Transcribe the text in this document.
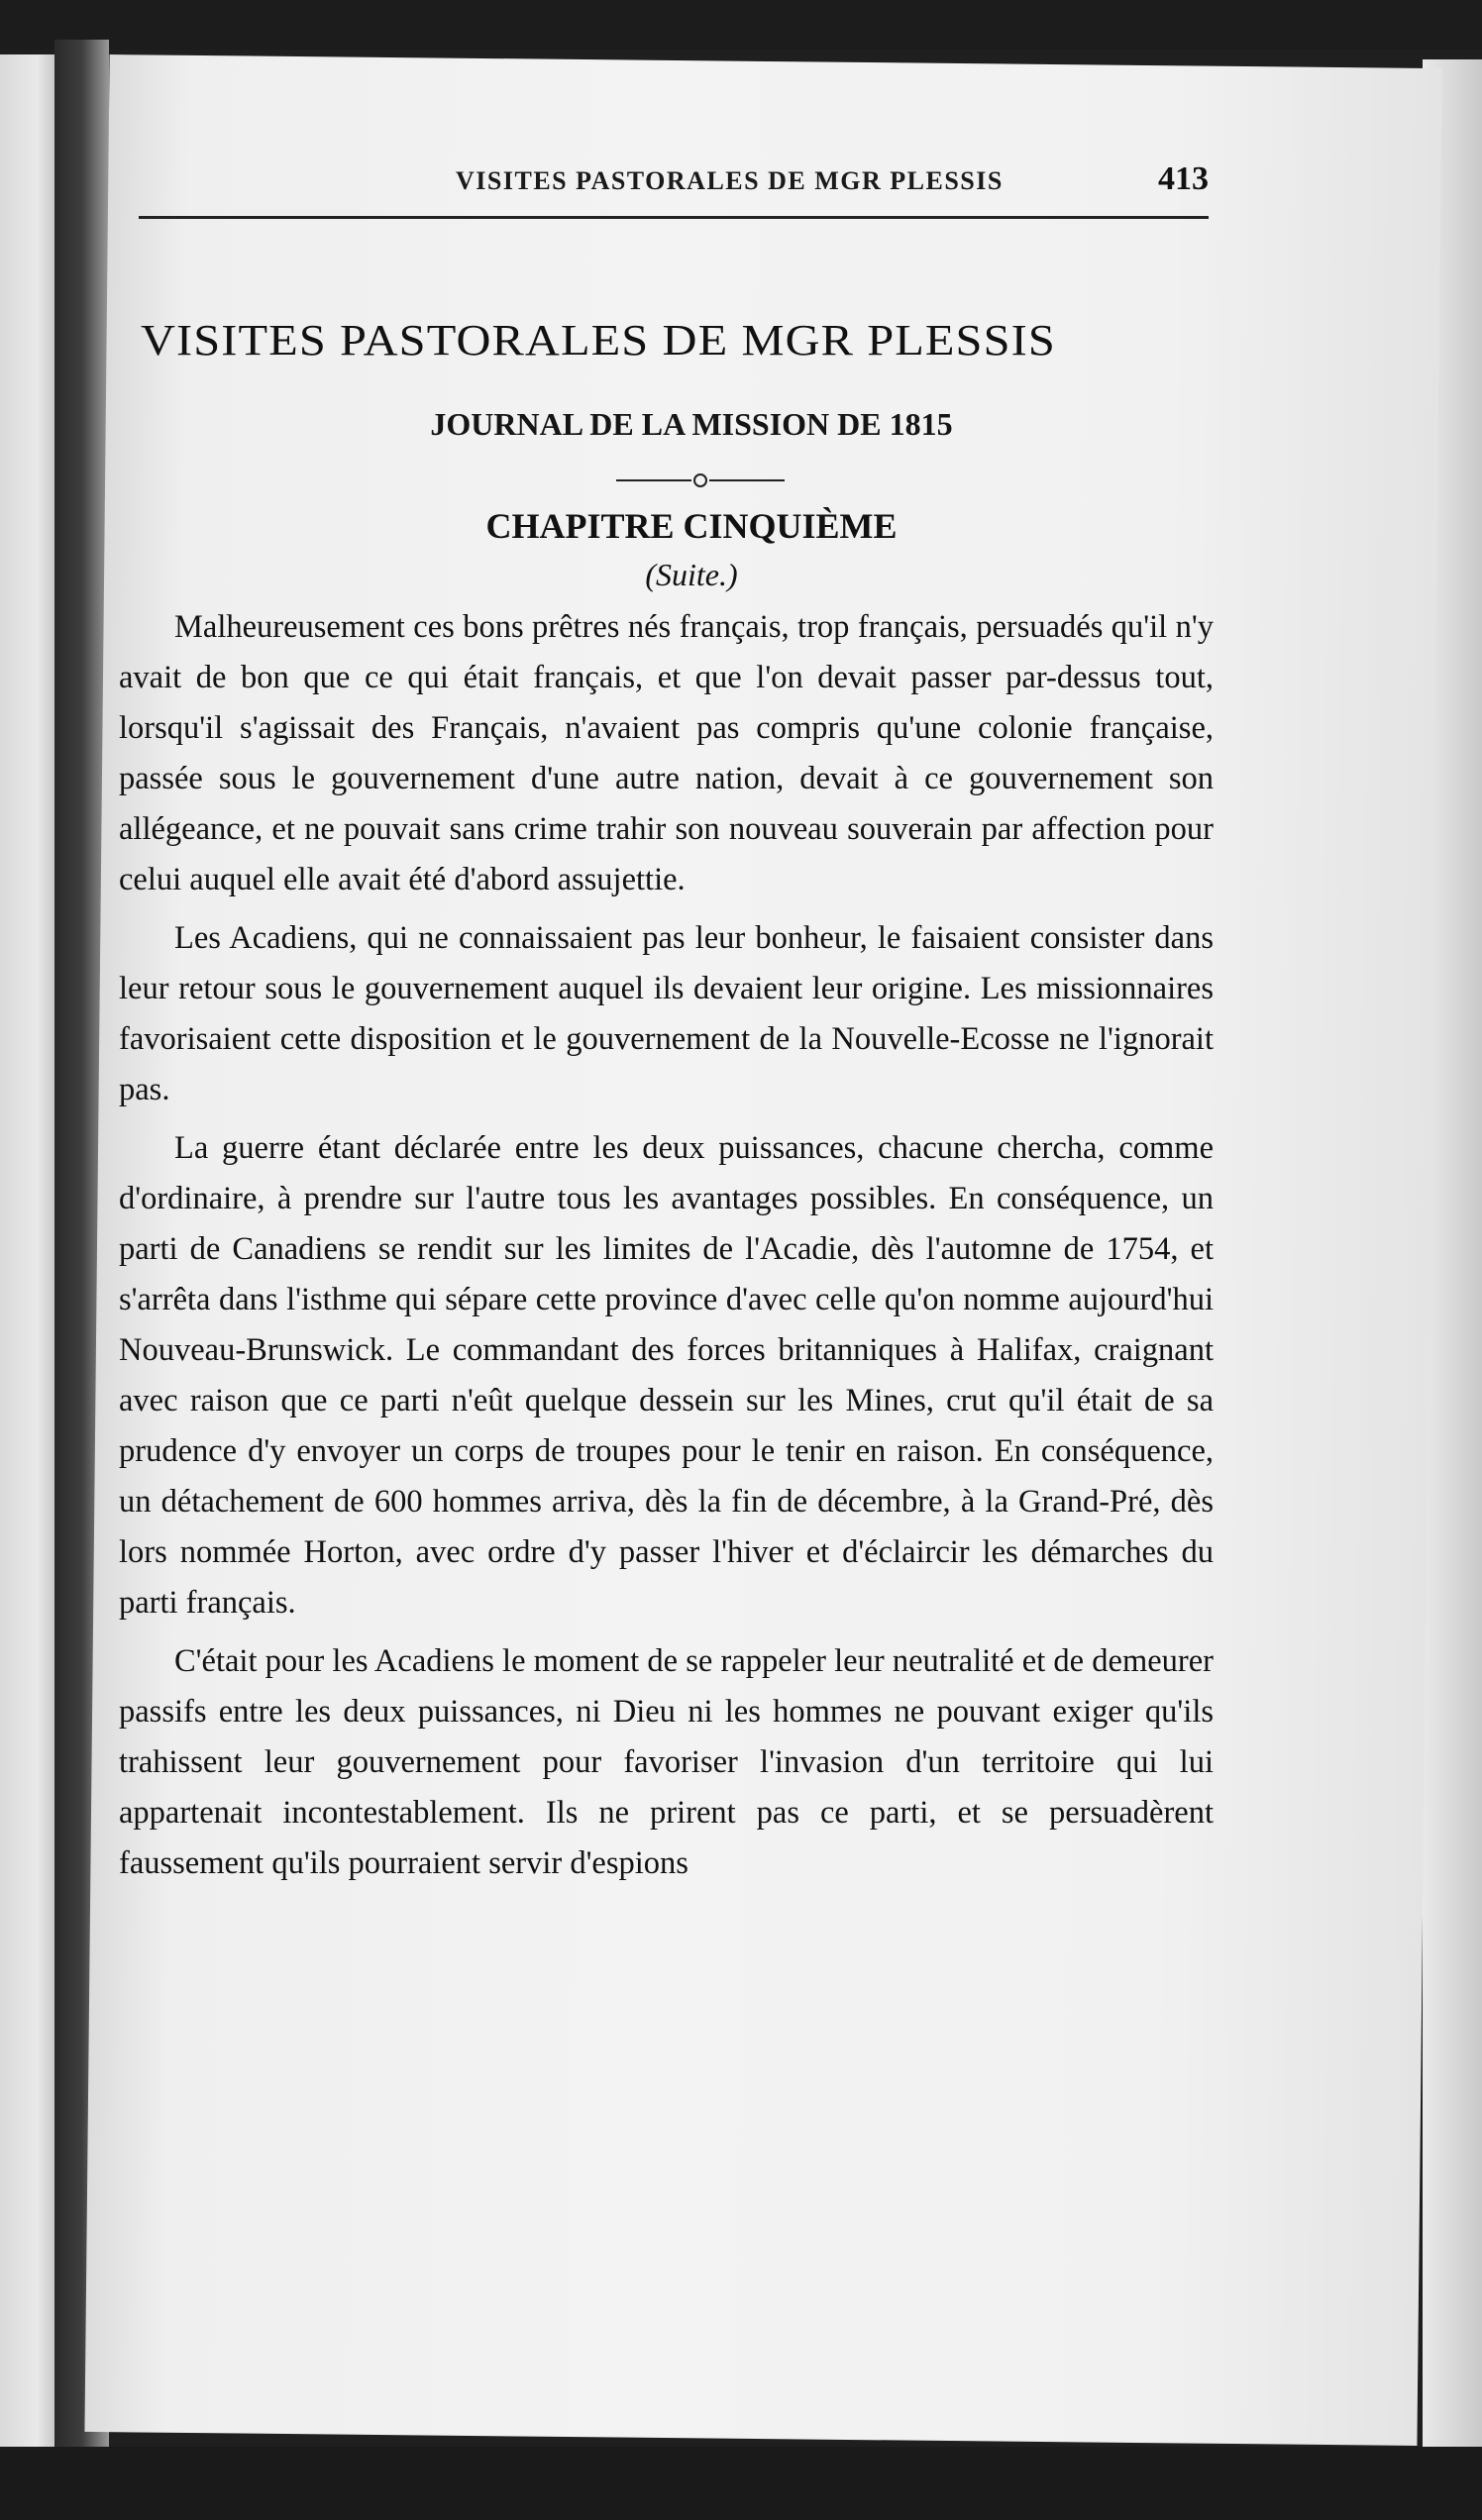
VISITES PASTORALES DE MGR PLESSIS	413
VISITES PASTORALES DE MGR PLESSIS
JOURNAL DE LA MISSION DE 1815
CHAPITRE CINQUIÈME
(Suite.)

Malheureusement ces bons prêtres nés français, trop français, persuadés qu'il n'y avait de bon que ce qui était français, et que l'on devait passer par-dessus tout, lorsqu'il s'agissait des Français, n'avaient pas compris qu'une colonie française, passée sous le gouvernement d'une autre nation, devait à ce gouvernement son allégeance, et ne pouvait sans crime trahir son nouveau souverain par affection pour celui auquel elle avait été d'abord assujettie.

Les Acadiens, qui ne connaissaient pas leur bonheur, le faisaient consister dans leur retour sous le gouvernement auquel ils devaient leur origine. Les missionnaires favorisaient cette disposition et le gouvernement de la Nouvelle-Ecosse ne l'ignorait pas.

La guerre étant déclarée entre les deux puissances, chacune chercha, comme d'ordinaire, à prendre sur l'autre tous les avantages possibles. En conséquence, un parti de Canadiens se rendit sur les limites de l'Acadie, dès l'automne de 1754, et s'arrêta dans l'isthme qui sépare cette province d'avec celle qu'on nomme aujourd'hui Nouveau-Brunswick. Le commandant des forces britanniques à Halifax, craignant avec raison que ce parti n'eût quelque dessein sur les Mines, crut qu'il était de sa prudence d'y envoyer un corps de troupes pour le tenir en raison. En conséquence, un détachement de 600 hommes arriva, dès la fin de décembre, à la Grand-Pré, dès lors nommée Horton, avec ordre d'y passer l'hiver et d'éclaircir les démarches du parti français.

C'était pour les Acadiens le moment de se rappeler leur neutralité et de demeurer passifs entre les deux puissances, ni Dieu ni les hommes ne pouvant exiger qu'ils trahissent leur gouvernement pour favoriser l'invasion d'un territoire qui lui appartenait incontestablement. Ils ne prirent pas ce parti, et se persuadèrent faussement qu'ils pourraient servir d'espions
